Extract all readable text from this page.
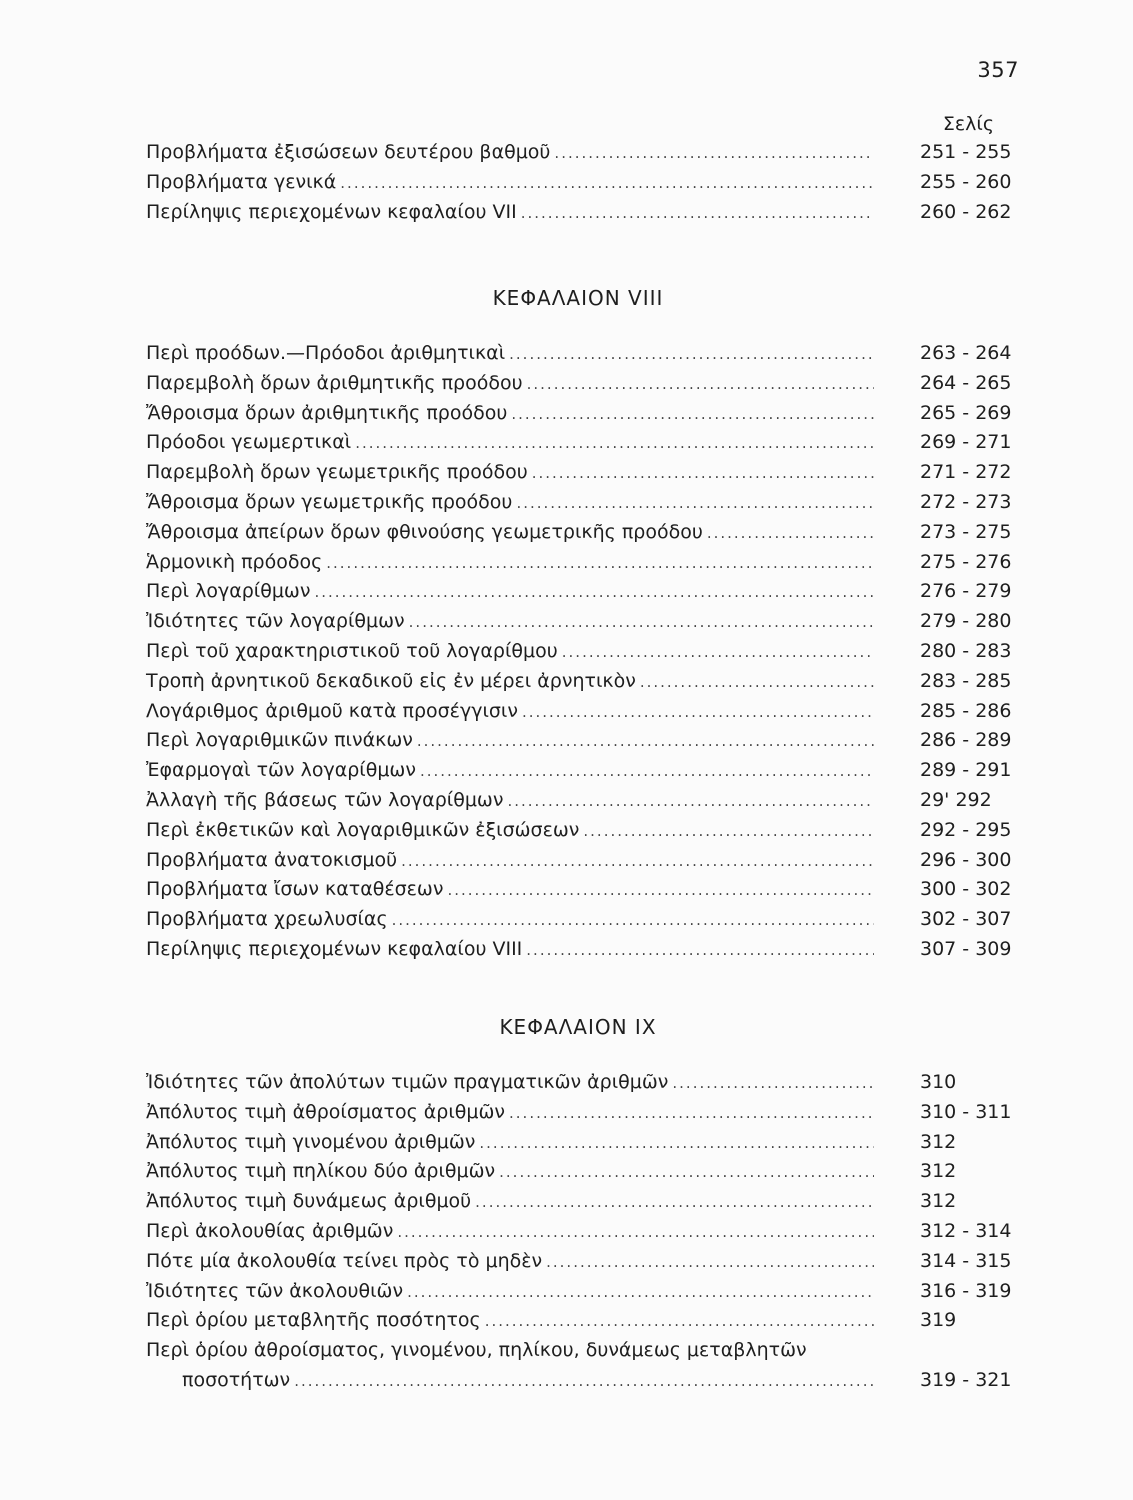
357
Σελίς
Προβλήματα ἐξισώσεων δευτέρου βαθμοῦ .....	251 - 255
Προβλήματα γενικά .....	255 - 260
Περίληψις περιεχομένων κεφαλαίου VII .....	260 - 262
ΚΕΦΑΛΑΙΟΝ VIII
Περὶ προόδων.—Πρόοδοι ἀριθμητικαὶ .....	263 - 264
Παρεμβολὴ ὅρων ἀριθμητικῆς προόδου .....	264 - 265
Ἄθροισμα ὅρων ἀριθμητικῆς προόδου .....	265 - 269
Πρόοδοι γεωμερτικαὶ .....	269 - 271
Παρεμβολὴ ὅρων γεωμετρικῆς προόδου .....	271 - 272
Ἄθροισμα ὅρων γεωμετρικῆς προόδου .....	272 - 273
Ἄθροισμα ἀπείρων ὅρων φθινούσης γεωμετρικῆς προόδου .....	273 - 275
Ἁρμονικὴ πρόοδος .....	275 - 276
Περὶ λογαρίθμων .....	276 - 279
Ἰδιότητες τῶν λογαρίθμων .....	279 - 280
Περὶ τοῦ χαρακτηριστικοῦ τοῦ λογαρίθμου .....	280 - 283
Τροπὴ ἀρνητικοῦ δεκαδικοῦ εἰς ἐν μέρει ἀρνητικὸν .....	283 - 285
Λογάριθμος ἀριθμοῦ κατὰ προσέγγισιν .....	285 - 286
Περὶ λογαριθμικῶν πινάκων .....	286 - 289
Ἐφαρμογαὶ τῶν λογαρίθμων .....	289 - 291
Ἀλλαγὴ τῆς βάσεως τῶν λογαρίθμων .....	29' 292
Περὶ ἐκθετικῶν καὶ λογαριθμικῶν ἐξισώσεων .....	292 - 295
Προβλήματα ἀνατοκισμοῦ .....	296 - 300
Προβλήματα ἴσων καταθέσεων .....	300 - 302
Προβλήματα χρεωλυσίας .....	302 - 307
Περίληψις περιεχομένων κεφαλαίου VIII .....	307 - 309
ΚΕΦΑΛΑΙΟΝ IX
Ἰδιότητες τῶν ἀπολύτων τιμῶν πραγματικῶν ἀριθμῶν .....	310
Ἀπόλυτος τιμὴ ἀθροίσματος ἀριθμῶν .....	310 - 311
Ἀπόλυτος τιμὴ γινομένου ἀριθμῶν .....	312
Ἀπόλυτος τιμὴ πηλίκου δύο ἀριθμῶν .....	312
Ἀπόλυτος τιμὴ δυνάμεως ἀριθμοῦ .....	312
Περὶ ἀκολουθίας ἀριθμῶν .....	312 - 314
Πότε μία ἀκολουθία τείνει πρὸς τὸ μηδὲν .....	314 - 315
Ἰδιότητες τῶν ἀκολουθιῶν .....	316 - 319
Περὶ ὁρίου μεταβλητῆς ποσότητος .....	319
Περὶ ὁρίου ἀθροίσματος, γινομένου, πηλίκου, δυνάμεως μεταβλητῶν
ποσοτήτων .....	319 - 321
